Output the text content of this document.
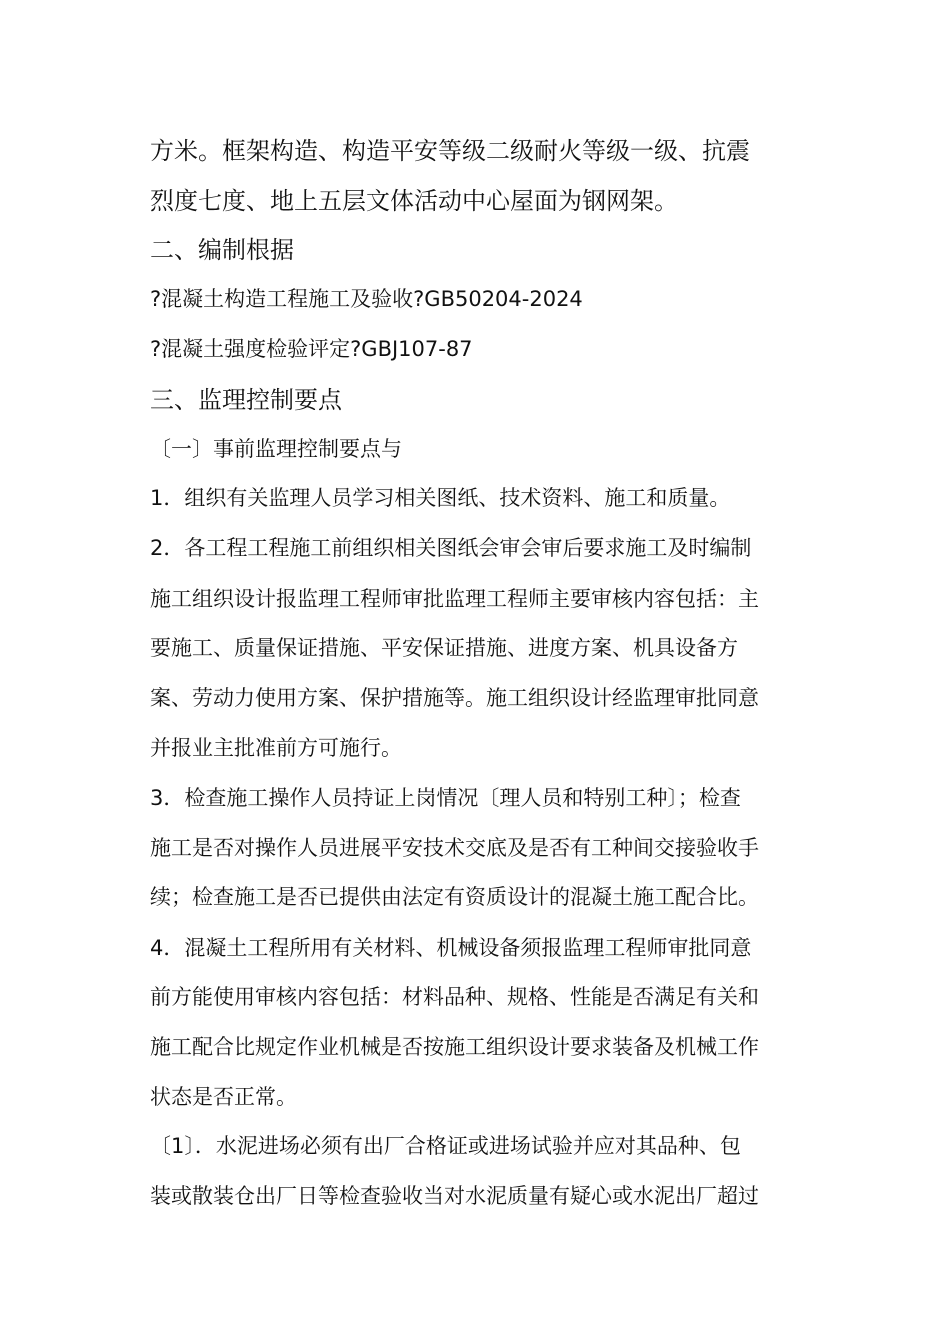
方米。框架构造、构造平安等级二级耐火等级一级、抗震
烈度七度、地上五层文体活动中心屋面为钢网架。
二、编制根据
?混凝土构造工程施工及验收?GB50204-2024
?混凝土强度检验评定?GBJ107-87
三、监理控制要点
〔一〕事前监理控制要点与
1．组织有关监理人员学习相关图纸、技术资料、施工和质量。
2．各工程工程施工前组织相关图纸会审会审后要求施工及时编制
施工组织设计报监理工程师审批监理工程师主要审核内容包括：主
要施工、质量保证措施、平安保证措施、进度方案、机具设备方
案、劳动力使用方案、保护措施等。施工组织设计经监理审批同意
并报业主批准前方可施行。
3．检查施工操作人员持证上岗情况〔理人员和特别工种〕；检查
施工是否对操作人员进展平安技术交底及是否有工种间交接验收手
续；检查施工是否已提供由法定有资质设计的混凝土施工配合比。
4．混凝土工程所用有关材料、机械设备须报监理工程师审批同意
前方能使用审核内容包括：材料品种、规格、性能是否满足有关和
施工配合比规定作业机械是否按施工组织设计要求装备及机械工作
状态是否正常。
〔1〕．水泥进场必须有出厂合格证或进场试验并应对其品种、包
装或散装仓出厂日等检查验收当对水泥质量有疑心或水泥出厂超过
